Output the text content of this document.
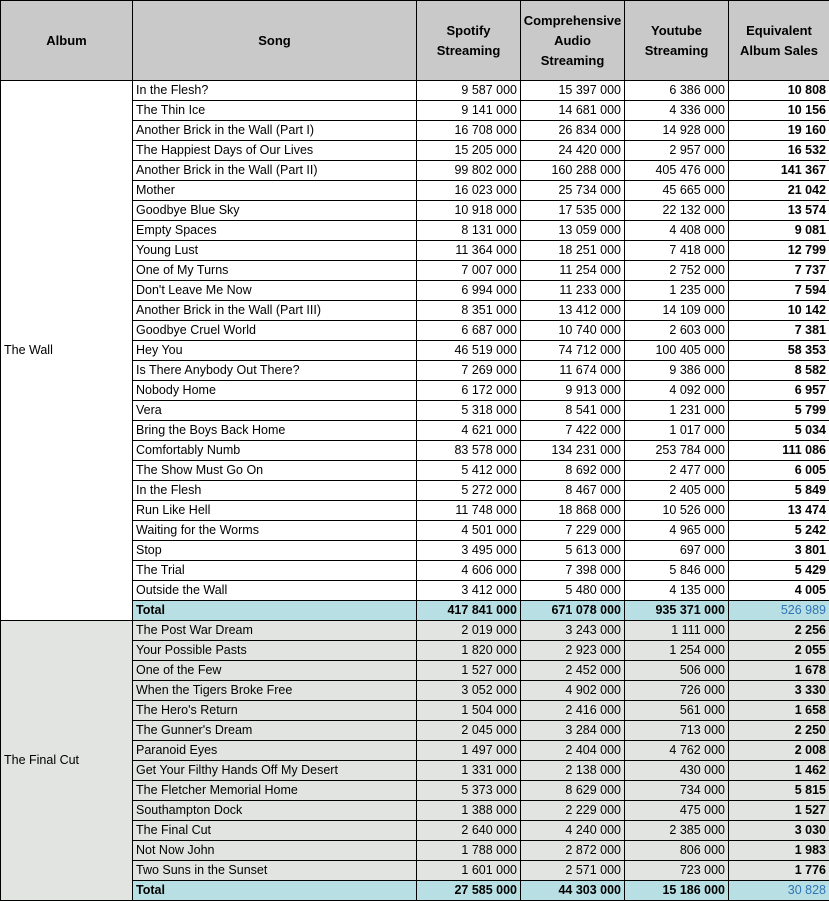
Album	Song	Spotify Streaming	Comprehensive Audio Streaming	Youtube Streaming	Equivalent Album Sales
The Wall	In the Flesh?	9 587 000	15 397 000	6 386 000	10 808
	The Thin Ice	9 141 000	14 681 000	4 336 000	10 156
	Another Brick in the Wall (Part I)	16 708 000	26 834 000	14 928 000	19 160
	The Happiest Days of Our Lives	15 205 000	24 420 000	2 957 000	16 532
	Another Brick in the Wall (Part II)	99 802 000	160 288 000	405 476 000	141 367
	Mother	16 023 000	25 734 000	45 665 000	21 042
	Goodbye Blue Sky	10 918 000	17 535 000	22 132 000	13 574
	Empty Spaces	8 131 000	13 059 000	4 408 000	9 081
	Young Lust	11 364 000	18 251 000	7 418 000	12 799
	One of My Turns	7 007 000	11 254 000	2 752 000	7 737
	Don't Leave Me Now	6 994 000	11 233 000	1 235 000	7 594
	Another Brick in the Wall (Part III)	8 351 000	13 412 000	14 109 000	10 142
	Goodbye Cruel World	6 687 000	10 740 000	2 603 000	7 381
	Hey You	46 519 000	74 712 000	100 405 000	58 353
	Is There Anybody Out There?	7 269 000	11 674 000	9 386 000	8 582
	Nobody Home	6 172 000	9 913 000	4 092 000	6 957
	Vera	5 318 000	8 541 000	1 231 000	5 799
	Bring the Boys Back Home	4 621 000	7 422 000	1 017 000	5 034
	Comfortably Numb	83 578 000	134 231 000	253 784 000	111 086
	The Show Must Go On	5 412 000	8 692 000	2 477 000	6 005
	In the Flesh	5 272 000	8 467 000	2 405 000	5 849
	Run Like Hell	11 748 000	18 868 000	10 526 000	13 474
	Waiting for the Worms	4 501 000	7 229 000	4 965 000	5 242
	Stop	3 495 000	5 613 000	697 000	3 801
	The Trial	4 606 000	7 398 000	5 846 000	5 429
	Outside the Wall	3 412 000	5 480 000	4 135 000	4 005
	Total	417 841 000	671 078 000	935 371 000	526 989
The Final Cut	The Post War Dream	2 019 000	3 243 000	1 111 000	2 256
	Your Possible Pasts	1 820 000	2 923 000	1 254 000	2 055
	One of the Few	1 527 000	2 452 000	506 000	1 678
	When the Tigers Broke Free	3 052 000	4 902 000	726 000	3 330
	The Hero's Return	1 504 000	2 416 000	561 000	1 658
	The Gunner's Dream	2 045 000	3 284 000	713 000	2 250
	Paranoid Eyes	1 497 000	2 404 000	4 762 000	2 008
	Get Your Filthy Hands Off My Desert	1 331 000	2 138 000	430 000	1 462
	The Fletcher Memorial Home	5 373 000	8 629 000	734 000	5 815
	Southampton Dock	1 388 000	2 229 000	475 000	1 527
	The Final Cut	2 640 000	4 240 000	2 385 000	3 030
	Not Now John	1 788 000	2 872 000	806 000	1 983
	Two Suns in the Sunset	1 601 000	2 571 000	723 000	1 776
	Total	27 585 000	44 303 000	15 186 000	30 828
